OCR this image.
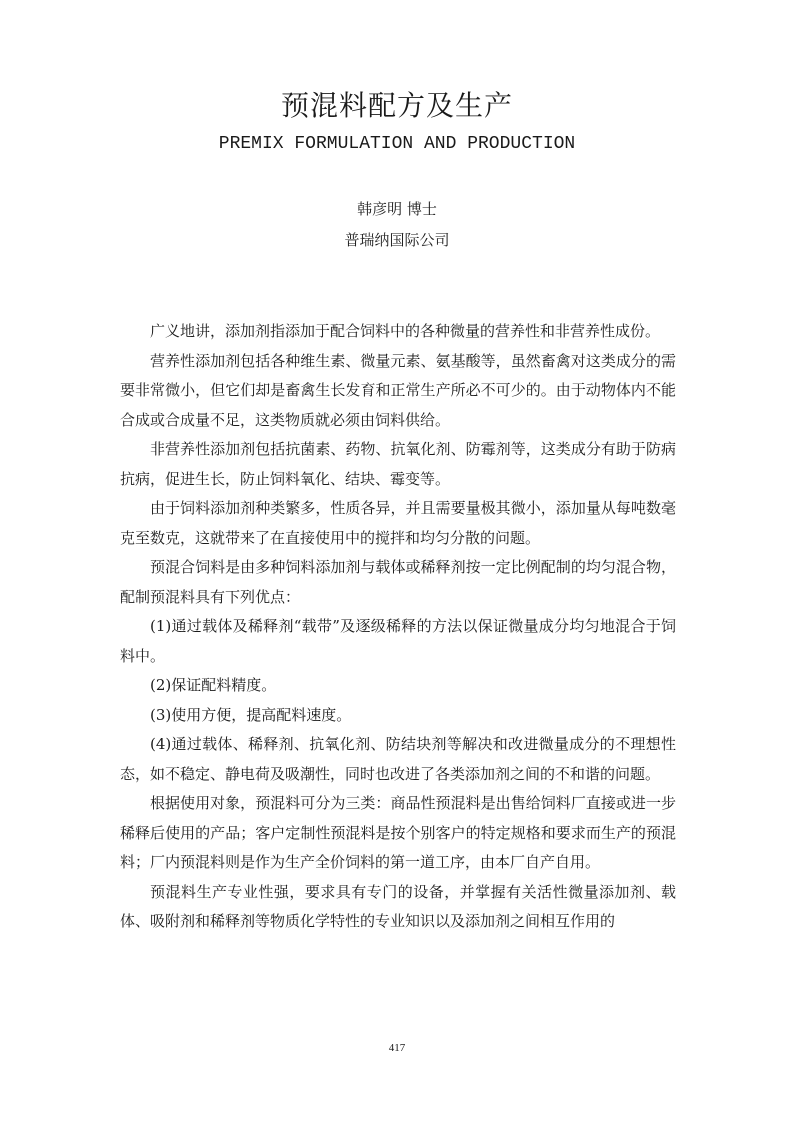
预混料配方及生产
PREMIX FORMULATION AND PRODUCTION
韩彦明 博士
普瑞纳国际公司

广义地讲，添加剂指添加于配合饲料中的各种微量的营养性和非营养性成份。

营养性添加剂包括各种维生素、微量元素、氨基酸等，虽然畜禽对这类成分的需要非常微小，但它们却是畜禽生长发育和正常生产所必不可少的。由于动物体内不能合成或合成量不足，这类物质就必须由饲料供给。

非营养性添加剂包括抗菌素、药物、抗氧化剂、防霉剂等，这类成分有助于防病抗病，促进生长，防止饲料氧化、结块、霉变等。

由于饲料添加剂种类繁多，性质各异，并且需要量极其微小，添加量从每吨数毫克至数克，这就带来了在直接使用中的搅拌和均匀分散的问题。

预混合饲料是由多种饲料添加剂与载体或稀释剂按一定比例配制的均匀混合物，配制预混料具有下列优点：

(1)通过载体及稀释剂“载带”及逐级稀释的方法以保证微量成分均匀地混合于饲料中。

(2)保证配料精度。

(3)使用方便，提高配料速度。

(4)通过载体、稀释剂、抗氧化剂、防结块剂等解决和改进微量成分的不理想性态，如不稳定、静电荷及吸潮性，同时也改进了各类添加剂之间的不和谐的问题。

根据使用对象，预混料可分为三类：商品性预混料是出售给饲料厂直接或进一步稀释后使用的产品；客户定制性预混料是按个别客户的特定规格和要求而生产的预混料；厂内预混料则是作为生产全价饲料的第一道工序，由本厂自产自用。

预混料生产专业性强，要求具有专门的设备，并掌握有关活性微量添加剂、载体、吸附剂和稀释剂等物质化学特性的专业知识以及添加剂之间相互作用的

417
